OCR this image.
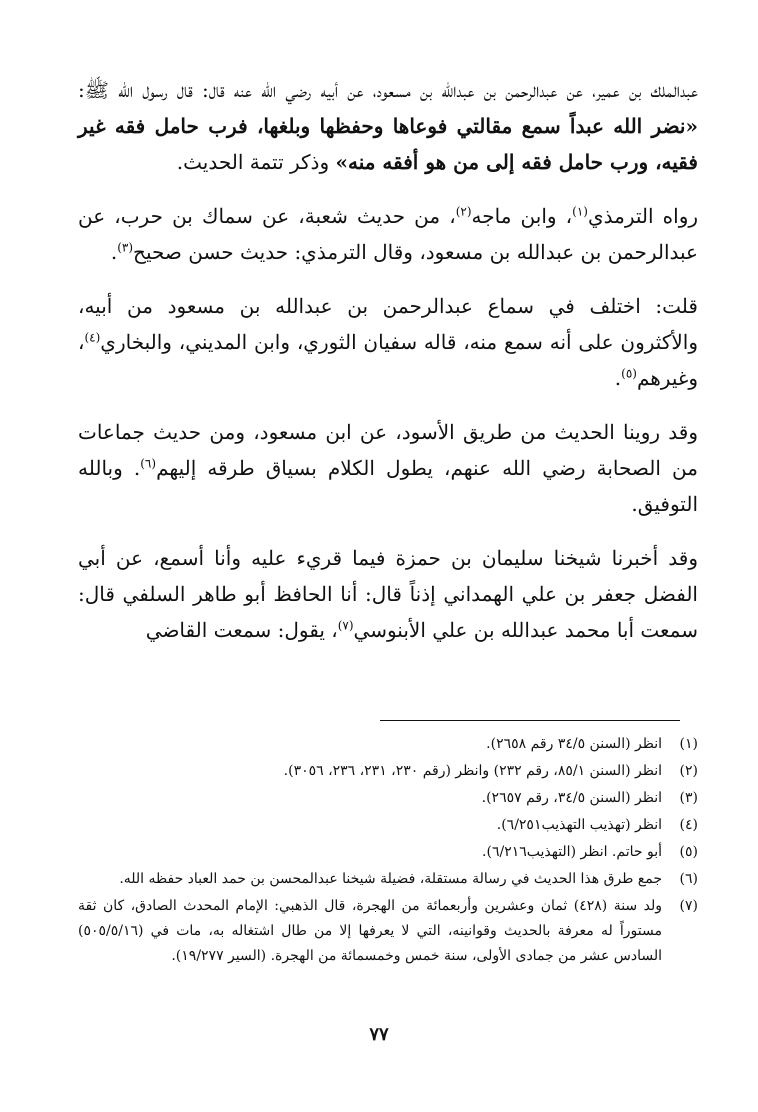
عبدالملك بن عمير، عن عبدالرحمن بن عبدالله بن مسعود، عن أبيه رضي الله عنه قال: قال رسول الله ﷺ: «نضر الله عبداً سمع مقالتي فوعاها وحفظها وبلغها، فرب حامل فقه غير فقيه، ورب حامل فقه إلى من هو أفقه منه» وذكر تتمة الحديث.

رواه الترمذي$^{(١)}$، وابن ماجه$^{(٢)}$، من حديث شعبة، عن سماك بن حرب، عن عبدالرحمن بن عبدالله بن مسعود، وقال الترمذي: حديث حسن صحيح$^{(٣)}$.

قلت: اختلف في سماع عبدالرحمن بن عبدالله بن مسعود من أبيه، والأكثرون على أنه سمع منه، قاله سفيان الثوري، وابن المديني، والبخاري$^{(٤)}$، وغيرهم$^{(٥)}$.

وقد روينا الحديث من طريق الأسود، عن ابن مسعود، ومن حديث جماعات من الصحابة رضي الله عنهم، يطول الكلام بسياق طرقه إليهم$^{(٦)}$. وبالله التوفيق.

وقد أخبرنا شيخنا سليمان بن حمزة فيما قريء عليه وأنا أسمع، عن أبي الفضل جعفر بن علي الهمداني إذناً قال: أنا الحافظ أبو طاهر السلفي قال: سمعت أبا محمد عبدالله بن علي الأبنوسي$^{(٧)}$، يقول: سمعت القاضي

(١)
انظر (السنن ٣٤/٥ رقم ٢٦٥٨).
(٢)
انظر (السنن ٨٥/١، رقم ٢٣٢) وانظر (رقم ٢٣٠، ٢٣١، ٢٣٦، ٣٠٥٦).
(٣)
انظر (السنن ٣٤/٥، رقم ٢٦٥٧).
(٤)
انظر (تهذيب التهذيب٦/٢٥١).
(٥)
أبو حاتم. انظر (التهذيب٦/٢١٦).
(٦)
جمع طرق هذا الحديث في رسالة مستقلة، فضيلة شيخنا عبدالمحسن بن حمد العباد حفظه الله.
(٧)
ولد سنة (٤٢٨) ثمان وعشرين وأربعمائة من الهجرة، قال الذهبي: الإمام المحدث الصادق، كان ثقة مستوراً له معرفة بالحديث وقوانينه، التي لا يعرفها إلا من طال اشتغاله به، مات في (٥٠٥/٥/١٦) السادس عشر من جمادى الأولى، سنة خمس وخمسمائة من الهجرة. (السير ١٩/٢٧٧).
٧٧
